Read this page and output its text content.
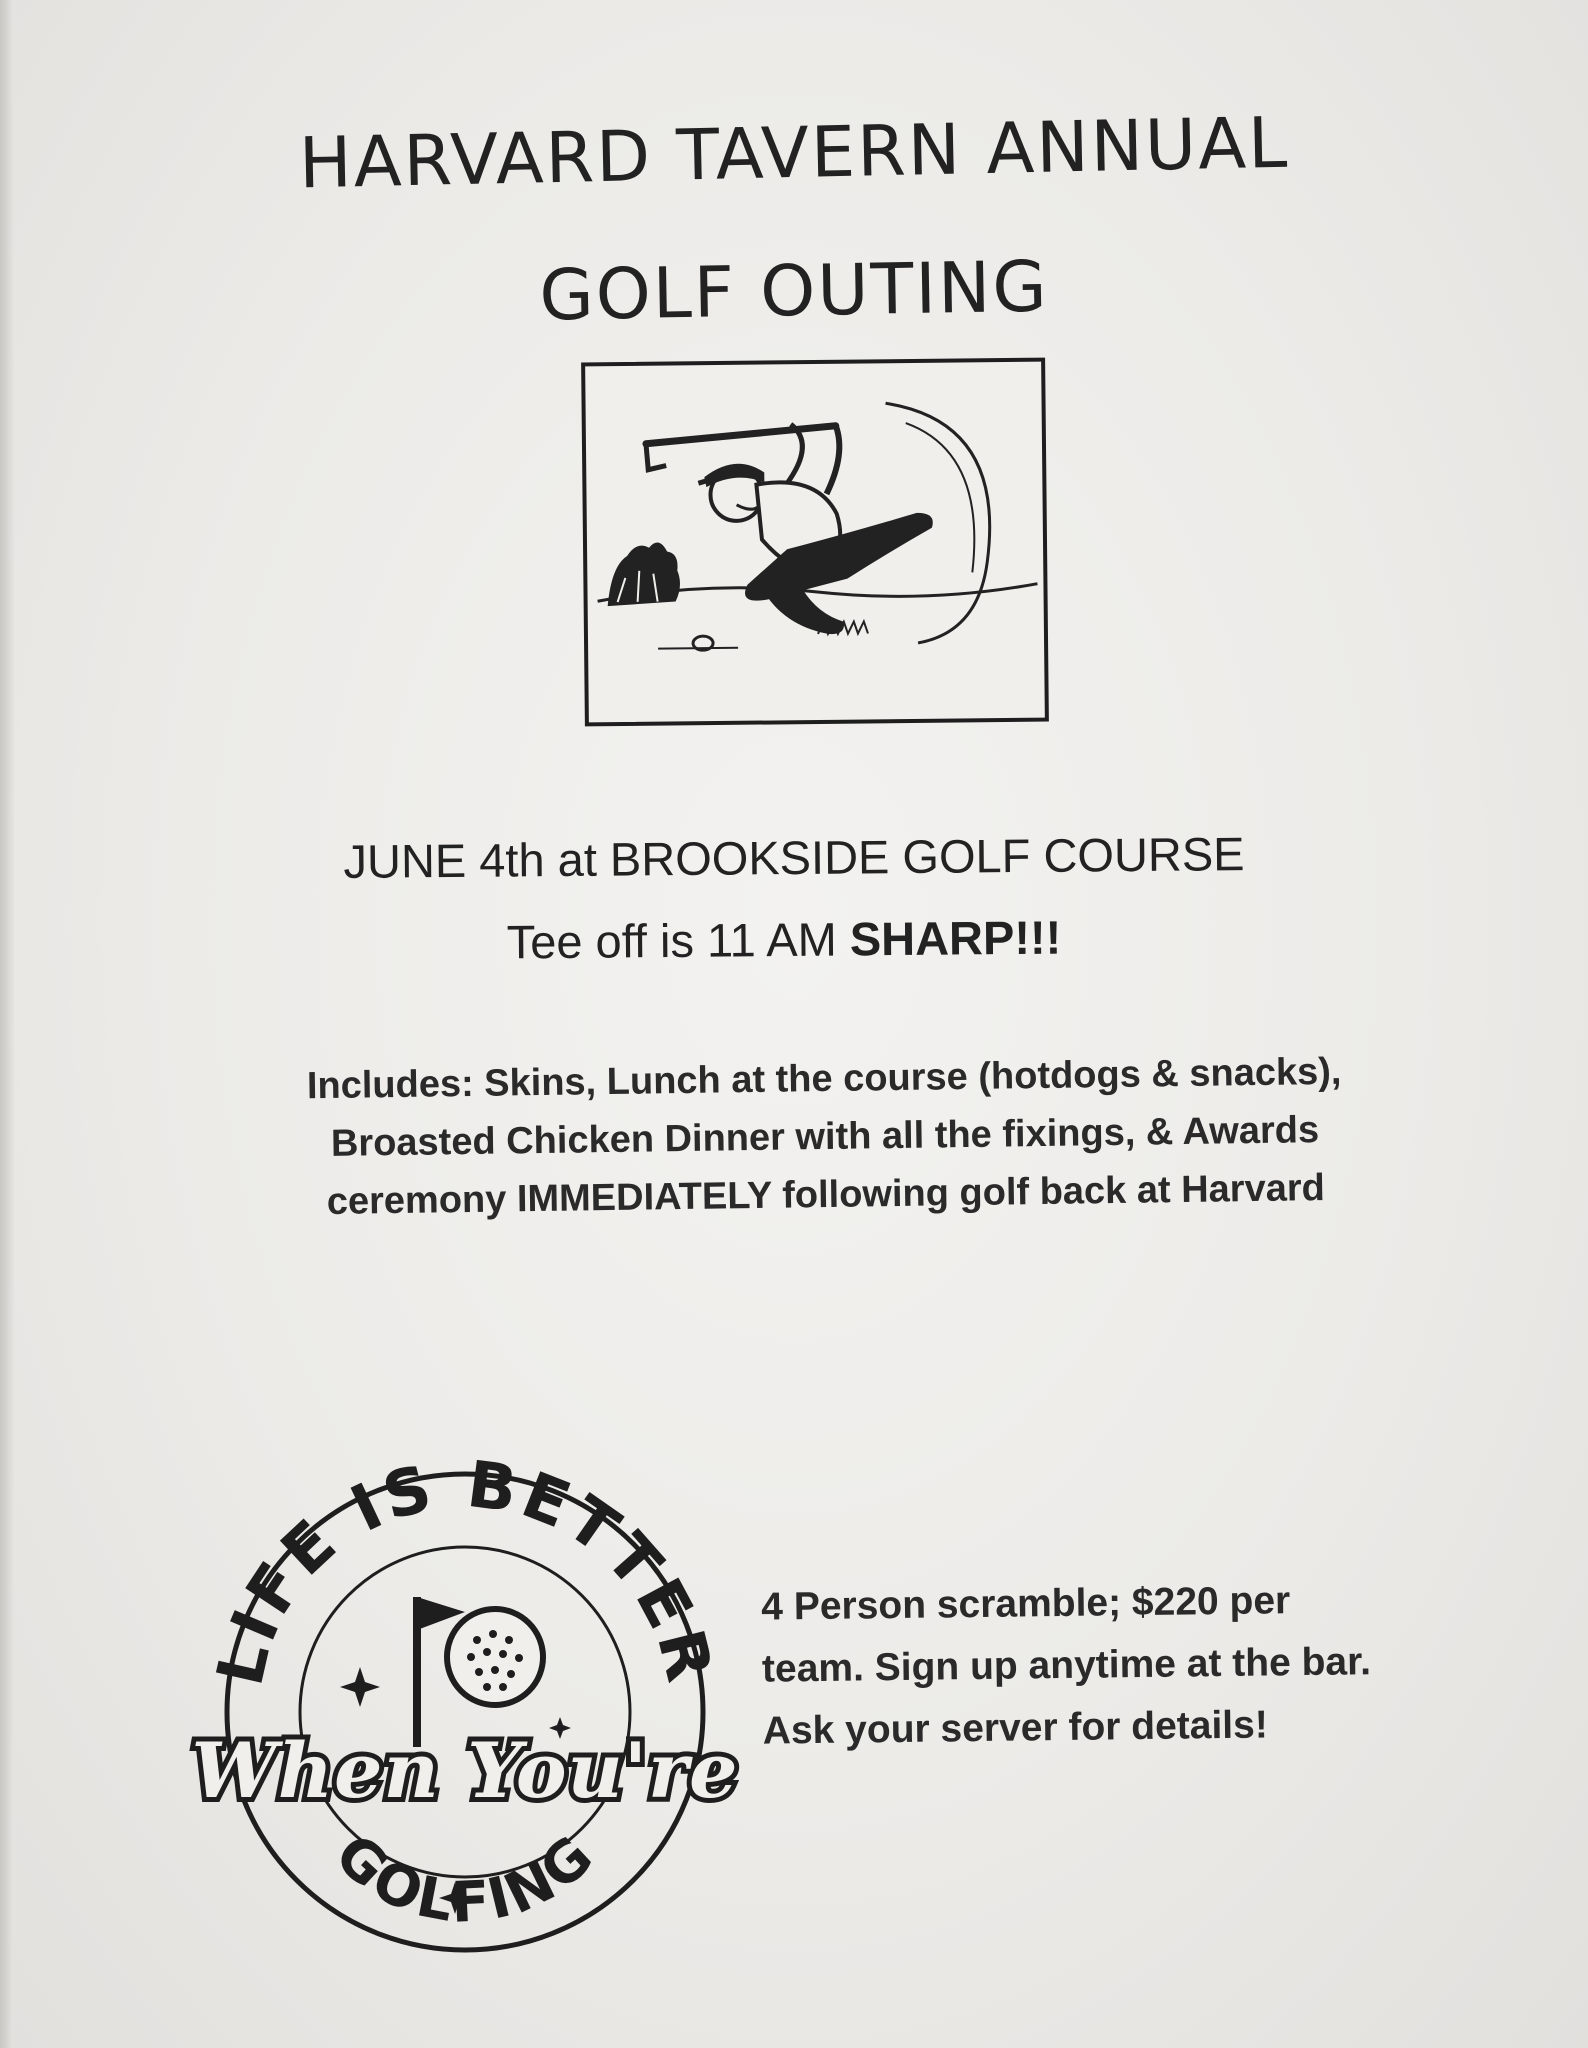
HARVARD TAVERN ANNUAL
GOLF OUTING
JUNE 4th at BROOKSIDE GOLF COURSE
Tee off is 11 AM SHARP!!!
Includes: Skins, Lunch at the course (hotdogs & snacks),
Broasted Chicken Dinner with all the fixings, & Awards
ceremony IMMEDIATELY following golf back at Harvard
LIFE IS BETTER
When You're
GOLFING
4 Person scramble; $220 per
team. Sign up anytime at the bar.
Ask your server for details!
